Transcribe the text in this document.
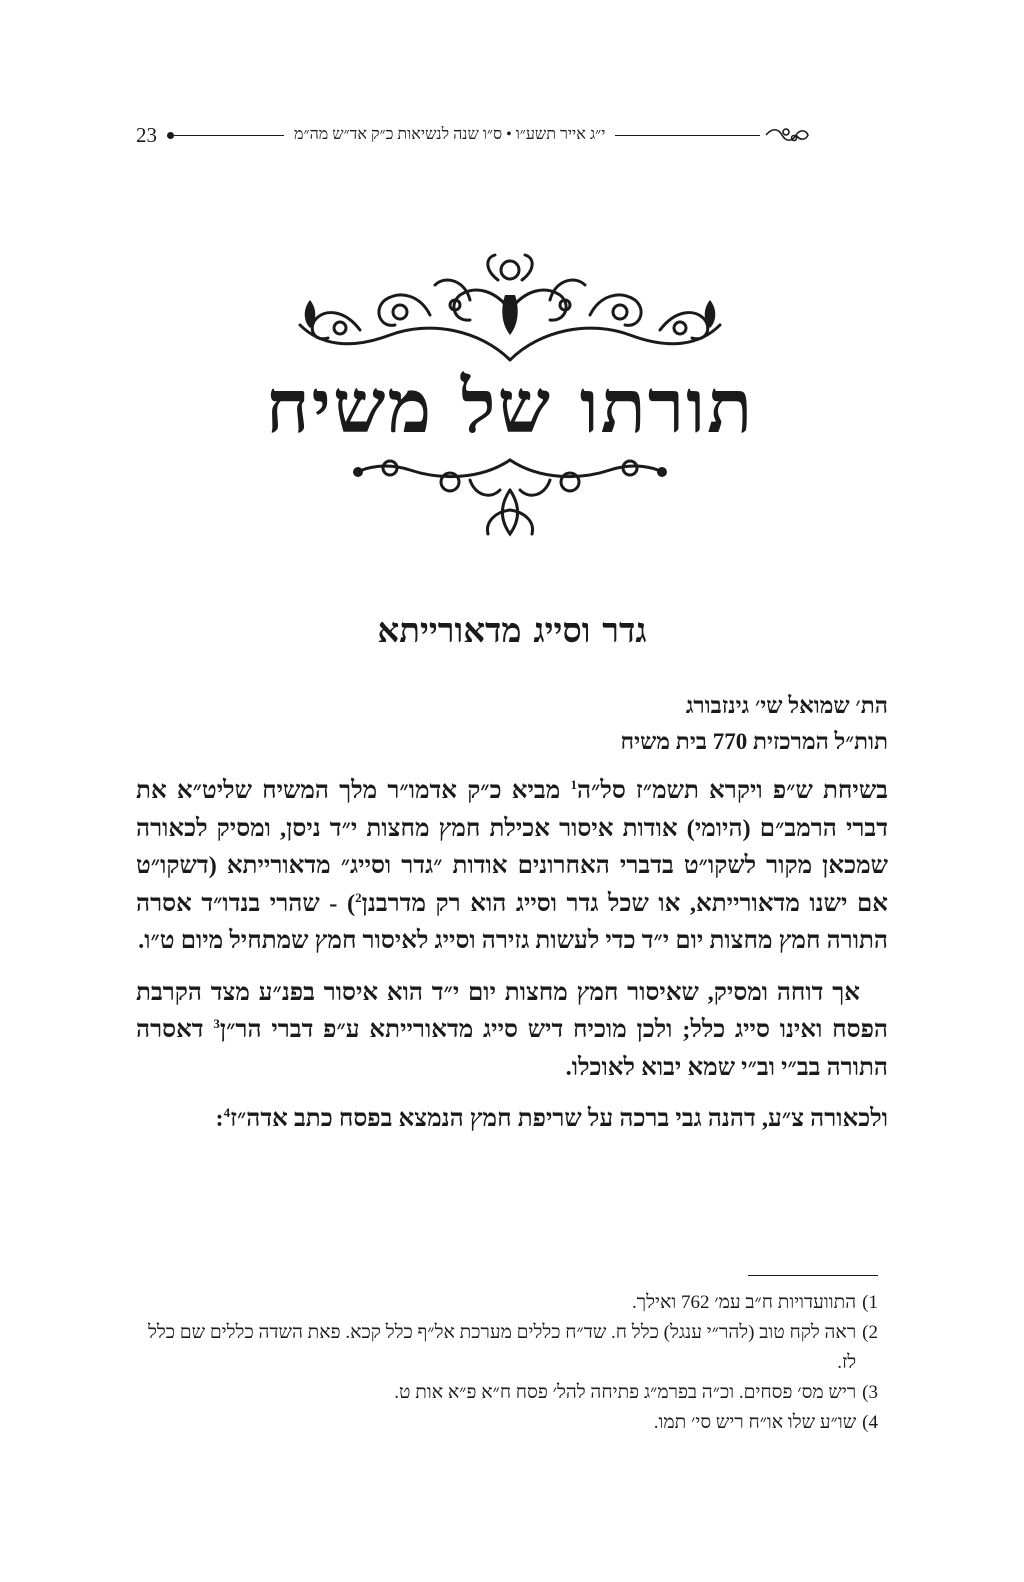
23	י״ג אייר תשע״ו • ס״ו שנה לנשיאות כ״ק אד״ש מה״מ
תורתו של משיח
גדר וסייג מדאורייתא
הת׳ שמואל שי׳ גינזבורג
תות״ל המרכזית 770 בית משיח

בשיחת ש״פ ויקרא תשמ״ז סל״ה$^1$ מביא כ״ק אדמו״ר מלך המשיח שליט״א את דברי הרמב״ם (היומי) אודות איסור אכילת חמץ מחצות י״ד ניסן, ומסיק לכאורה שמכאן מקור לשקו״ט בדברי האחרונים אודות ״גדר וסייג״ מדאורייתא (דשקו״ט אם ישנו מדאורייתא, או שכל גדר וסייג הוא רק מדרבנן$^2$) - שהרי בנדו״ד אסרה התורה חמץ מחצות יום י״ד כדי לעשות גזירה וסייג לאיסור חמץ שמתחיל מיום ט״ו.

אך דוחה ומסיק, שאיסור חמץ מחצות יום י״ד הוא איסור בפנ״ע מצד הקרבת הפסח ואינו סייג כלל; ולכן מוכיח דיש סייג מדאורייתא ע״פ דברי הר״ן$^3$ דאסרה התורה בב״י וב״י שמא יבוא לאוכלו.

ולכאורה צ״ע, דהנה גבי ברכה על שריפת חמץ הנמצא בפסח כתב אדה״ז$^4$:

1)
התוועדויות ח״ב עמ׳ 762 ואילך.
2)
ראה לקח טוב (להר״י ענגל) כלל ח. שד״ח כללים מערכת אל״ף כלל קכא. פאת השדה כללים שם כלל לז.
3)
ריש מס׳ פסחים. וכ״ה בפרמ״ג פתיחה להל׳ פסח ח״א פ״א אות ט.
4)
שו״ע שלו או״ח ריש סי׳ תמו.
